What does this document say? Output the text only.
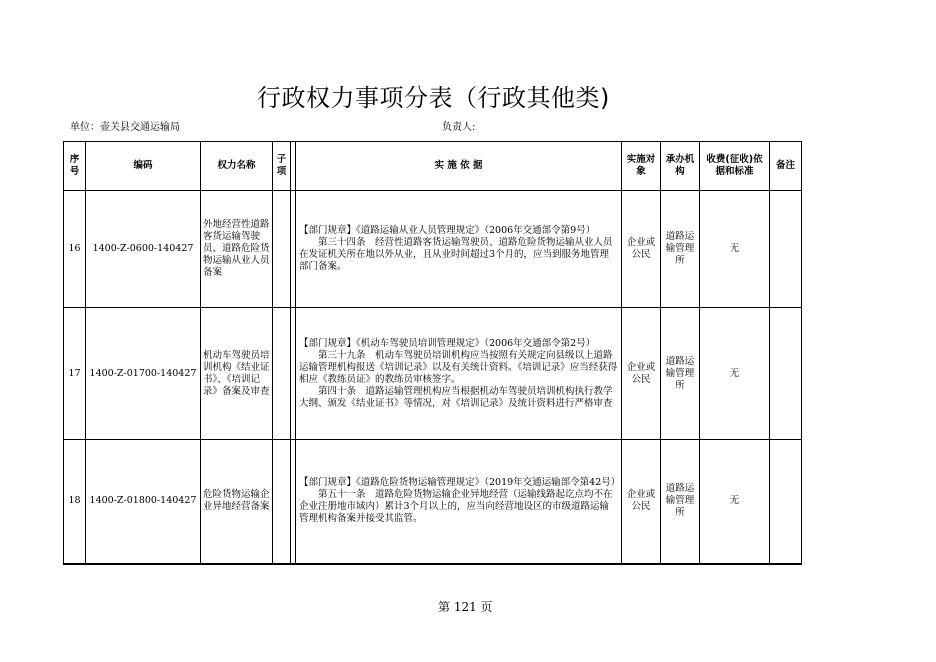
行政权力事项分表（行政其他类)
单位：壶关县交通运输局	负责人:
序号	编码	权力名称	子项		实 施 依 据	实施对象	承办机构	收费(征收)依据和标准	备注
16	1400-Z-0600-140427	外地经营性道路客货运输驾驶员、道路危险货物运输从业人员备案			【部门规章】《道路运输从业人员管理规定》（2006年交通部令第9号）

第三十四条　经营性道路客货运输驾驶员、道路危险货物运输从业人员在发证机关所在地以外从业，且从业时间超过3个月的，应当到服务地管理部门备案。	企业或公民	道路运输管理所	无	
17	1400-Z-01700-140427	机动车驾驶员培训机构《结业证书》、《培训记录》备案及审查			【部门规章】《机动车驾驶员培训管理规定》（2006年交通部令第2号）

第三十九条　机动车驾驶员培训机构应当按照有关规定向县级以上道路运输管理机构报送《培训记录》以及有关统计资料。《培训记录》应当经获得相应《教练员证》的教练员审核签字。

第四十条　道路运输管理机构应当根据机动车驾驶员培训机构执行教学大纲、颁发《结业证书》等情况，对《培训记录》及统计资料进行严格审查	企业或公民	道路运输管理所	无	
18	1400-Z-01800-140427	危险货物运输企业异地经营备案			【部门规章】《道路危险货物运输管理规定》（2019年交通运输部令第42号）

第五十一条　道路危险货物运输企业异地经营（运输线路起讫点均不在企业注册地市域内）累计3个月以上的，应当向经营地设区的市级道路运输管理机构备案并接受其监管。	企业或公民	道路运输管理所	无	
第 121 页
